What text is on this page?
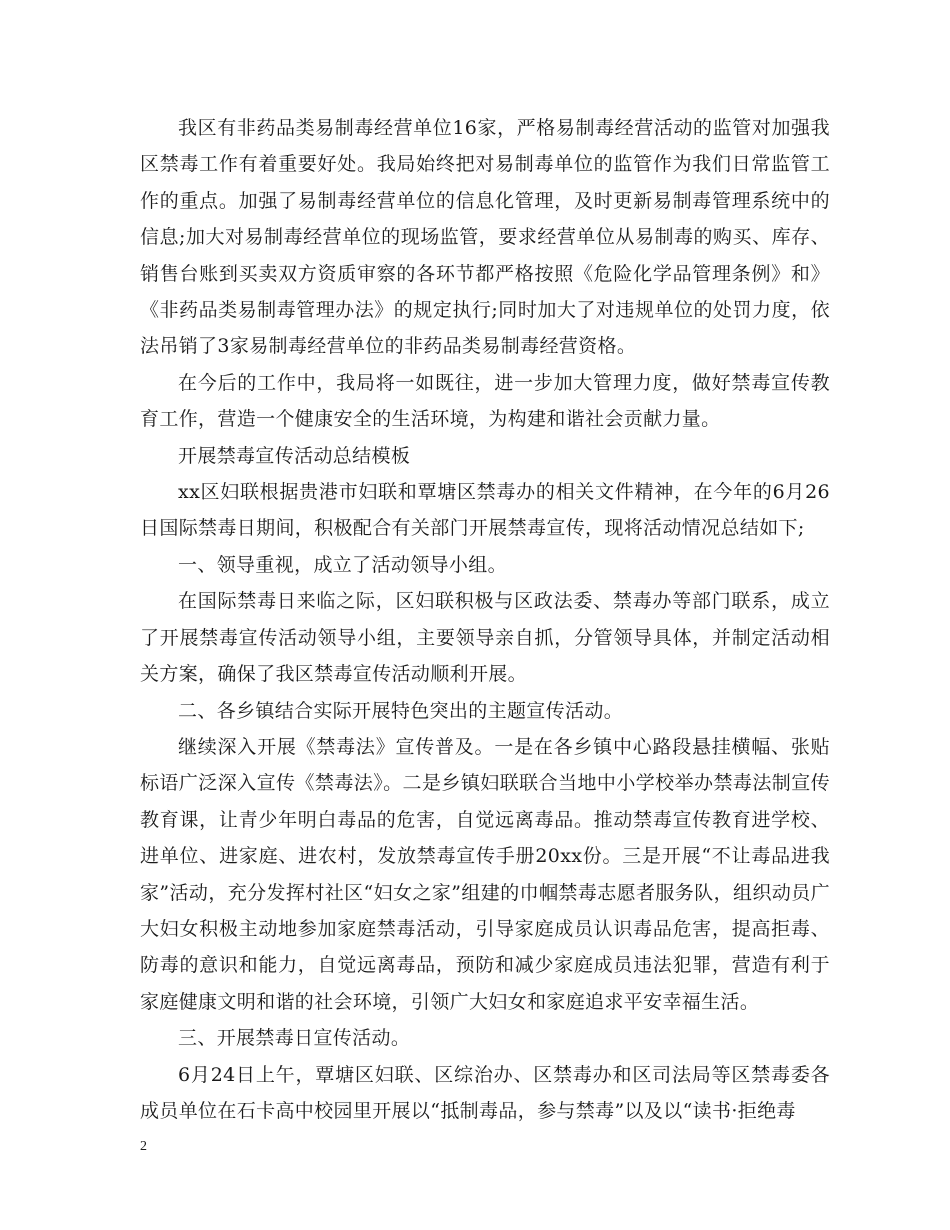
我区有非药品类易制毒经营单位16家，严格易制毒经营活动的监管对加强我区禁毒工作有着重要好处。我局始终把对易制毒单位的监管作为我们日常监管工作的重点。加强了易制毒经营单位的信息化管理，及时更新易制毒管理系统中的信息;加大对易制毒经营单位的现场监管，要求经营单位从易制毒的购买、库存、销售台账到买卖双方资质审察的各环节都严格按照《危险化学品管理条例》和》《非药品类易制毒管理办法》的规定执行;同时加大了对违规单位的处罚力度，依法吊销了3家易制毒经营单位的非药品类易制毒经营资格。

在今后的工作中，我局将一如既往，进一步加大管理力度，做好禁毒宣传教育工作，营造一个健康安全的生活环境，为构建和谐社会贡献力量。

开展禁毒宣传活动总结模板

xx区妇联根据贵港市妇联和覃塘区禁毒办的相关文件精神，在今年的6月26日国际禁毒日期间，积极配合有关部门开展禁毒宣传，现将活动情况总结如下;

一、领导重视，成立了活动领导小组。

在国际禁毒日来临之际，区妇联积极与区政法委、禁毒办等部门联系，成立了开展禁毒宣传活动领导小组，主要领导亲自抓，分管领导具体，并制定活动相关方案，确保了我区禁毒宣传活动顺利开展。

二、各乡镇结合实际开展特色突出的主题宣传活动。

继续深入开展《禁毒法》宣传普及。一是在各乡镇中心路段悬挂横幅、张贴标语广泛深入宣传《禁毒法》。二是乡镇妇联联合当地中小学校举办禁毒法制宣传教育课，让青少年明白毒品的危害，自觉远离毒品。推动禁毒宣传教育进学校、进单位、进家庭、进农村，发放禁毒宣传手册20xx份。三是开展“不让毒品进我家”活动，充分发挥村社区“妇女之家”组建的巾帼禁毒志愿者服务队，组织动员广大妇女积极主动地参加家庭禁毒活动，引导家庭成员认识毒品危害，提高拒毒、防毒的意识和能力，自觉远离毒品，预防和减少家庭成员违法犯罪，营造有利于家庭健康文明和谐的社会环境，引领广大妇女和家庭追求平安幸福生活。

三、开展禁毒日宣传活动。

6月24日上午，覃塘区妇联、区综治办、区禁毒办和区司法局等区禁毒委各成员单位在石卡高中校园里开展以“抵制毒品，参与禁毒”以及以“读书·拒绝毒

2
